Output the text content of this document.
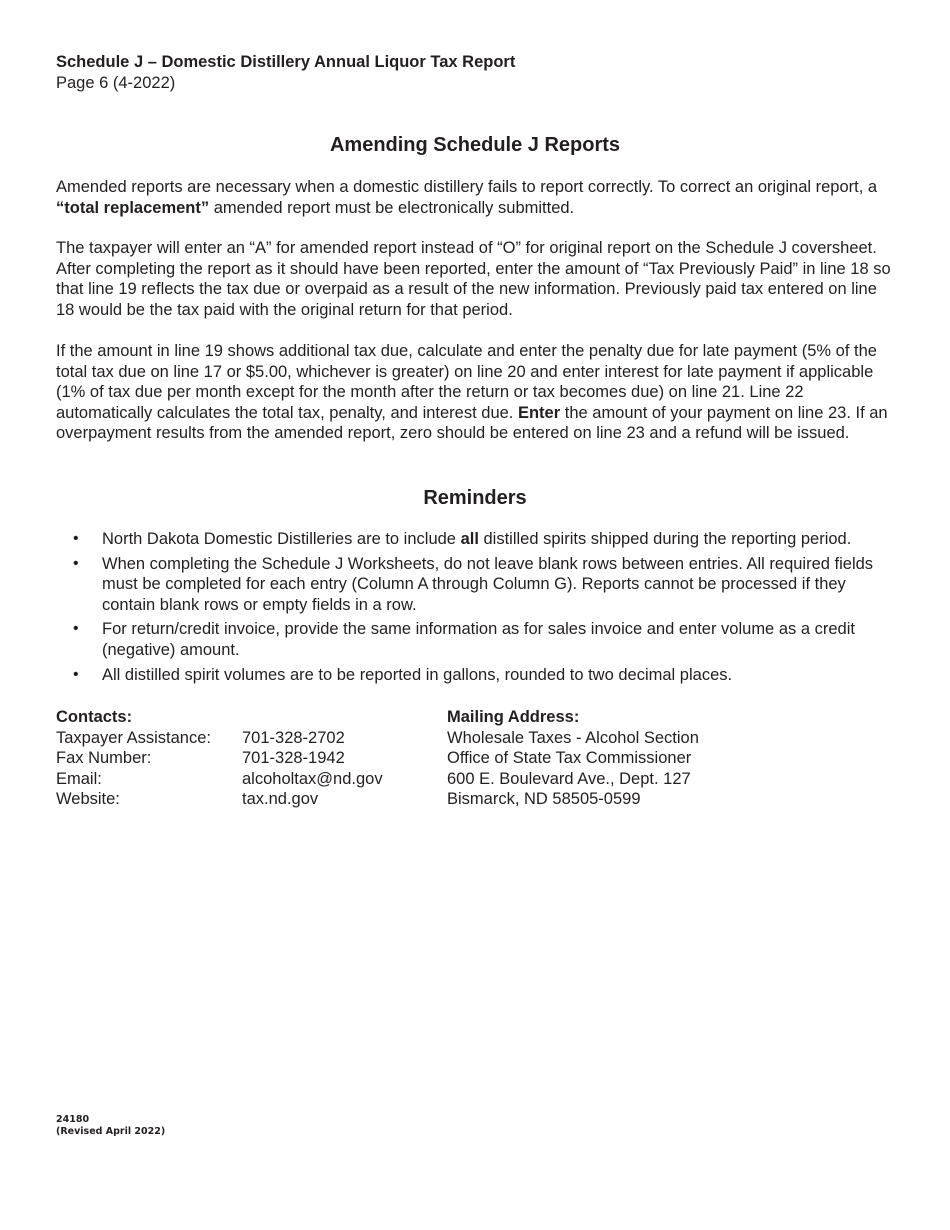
Schedule J – Domestic Distillery Annual Liquor Tax Report
Page 6 (4-2022)
Amending Schedule J Reports

Amended reports are necessary when a domestic distillery fails to report correctly. To correct an original report, a “total replacement” amended report must be electronically submitted.

The taxpayer will enter an “A” for amended report instead of “O” for original report on the Schedule J coversheet. After completing the report as it should have been reported, enter the amount of “Tax Previously Paid” in line 18 so that line 19 reflects the tax due or overpaid as a result of the new information. Previously paid tax entered on line 18 would be the tax paid with the original return for that period.

If the amount in line 19 shows additional tax due, calculate and enter the penalty due for late payment (5% of the total tax due on line 17 or $5.00, whichever is greater) on line 20 and enter interest for late payment if applicable (1% of tax due per month except for the month after the return or tax becomes due) on line 21. Line 22 automatically calculates the total tax, penalty, and interest due. Enter the amount of your payment on line 23. If an overpayment results from the amended report, zero should be entered on line 23 and a refund will be issued.

Reminders
• North Dakota Domestic Distilleries are to include all distilled spirits shipped during the reporting period.
• When completing the Schedule J Worksheets, do not leave blank rows between entries. All required fields must be completed for each entry (Column A through Column G). Reports cannot be processed if they contain blank rows or empty fields in a row.
• For return/credit invoice, provide the same information as for sales invoice and enter volume as a credit (negative) amount.
• All distilled spirit volumes are to be reported in gallons, rounded to two decimal places.
Contacts:
Taxpayer Assistance:	701-328-2702
Fax Number:	701-328-1942
Email:	alcoholtax@nd.gov
Website:	tax.nd.gov
Mailing Address:
Wholesale Taxes - Alcohol Section
Office of State Tax Commissioner
600 E. Boulevard Ave., Dept. 127
Bismarck, ND 58505-0599
24180
(Revised April 2022)
